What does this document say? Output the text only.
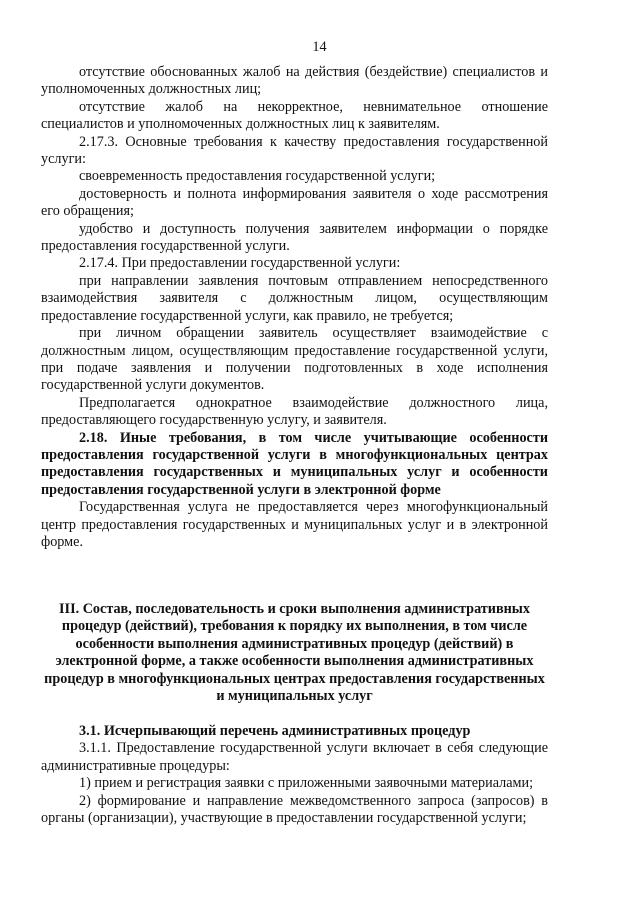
14

отсутствие обоснованных жалоб на действия (бездействие) специалистов и уполномоченных должностных лиц;

отсутствие жалоб на некорректное, невнимательное отношение специалистов и уполномоченных должностных лиц к заявителям.

2.17.3. Основные требования к качеству предоставления государственной услуги:

своевременность предоставления государственной услуги;

достоверность и полнота информирования заявителя о ходе рассмотрения его обращения;

удобство и доступность получения заявителем информации о порядке предоставления государственной услуги.

2.17.4. При предоставлении государственной услуги:

при направлении заявления почтовым отправлением непосредственного взаимодействия заявителя с должностным лицом, осуществляющим предоставление государственной услуги, как правило, не требуется;

при личном обращении заявитель осуществляет взаимодействие с должностным лицом, осуществляющим предоставление государственной услуги, при подаче заявления и получении подготовленных в ходе исполнения государственной услуги документов.

Предполагается однократное взаимодействие должностного лица, предоставляющего государственную услугу, и заявителя.

2.18. Иные требования, в том числе учитывающие особенности предоставления государственной услуги в многофункциональных центрах предоставления государственных и муниципальных услуг и особенности предоставления государственной услуги в электронной форме

Государственная услуга не предоставляется через многофункциональный центр предоставления государственных и муниципальных услуг и в электронной форме.

III. Состав, последовательность и сроки выполнения административных процедур (действий), требования к порядку их выполнения, в том числе особенности выполнения административных процедур (действий) в электронной форме, а также особенности выполнения административных процедур в многофункциональных центрах предоставления государственных и муниципальных услуг

3.1. Исчерпывающий перечень административных процедур

3.1.1. Предоставление государственной услуги включает в себя следующие административные процедуры:

1) прием и регистрация заявки с приложенными заявочными материалами;

2) формирование и направление межведомственного запроса (запросов) в органы (организации), участвующие в предоставлении государственной услуги;
